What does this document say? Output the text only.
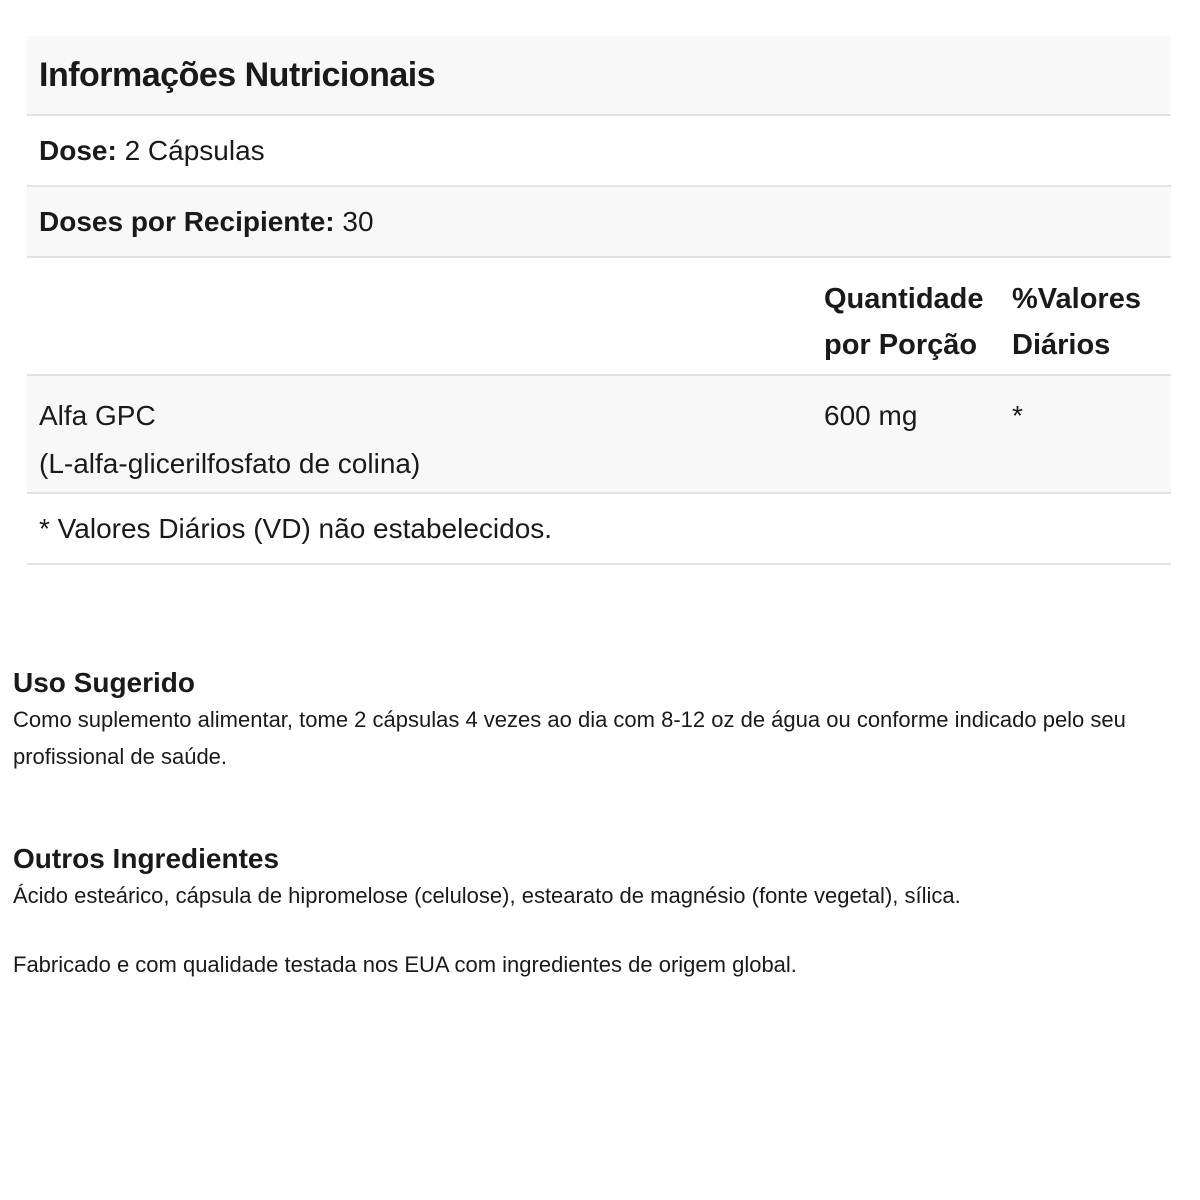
Informações Nutricionais
Dose:
2 Cápsulas
Doses por Recipiente:
30
Quantidade
por Porção
%Valores
Diários
Alfa GPC
(L-alfa-glicerilfosfato de colina)
600 mg	*
* Valores Diários (VD) não estabelecidos.
Uso Sugerido

Como suplemento alimentar, tome 2 cápsulas 4 vezes ao dia com 8-12 oz de água ou conforme indicado pelo seu profissional de saúde.

Outros Ingredientes

Ácido esteárico, cápsula de hipromelose (celulose), estearato de magnésio (fonte vegetal), sílica.

Fabricado e com qualidade testada nos EUA com ingredientes de origem global.
